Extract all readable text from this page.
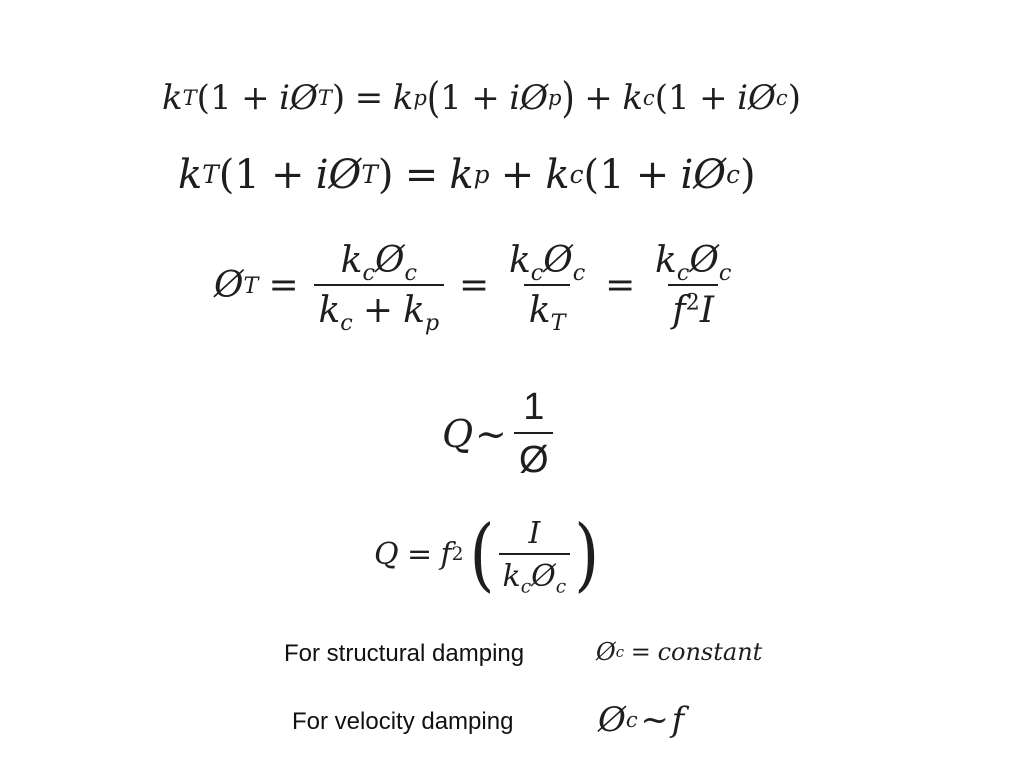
k T ( 1 + i Ø T ) = k p ( 1 + i Ø p ) + k c ( 1 + i Ø c )
k T ( 1 + i Ø T ) = k p + k c ( 1 + i Ø c )
Ø $T = \frac{k_cØ_c}{k_c + k_p} = \frac{k_cØ_c}{k_T} = \frac{k_cØ_c}{f^2I}$
Q ~ $\frac{1}{Ø}$
Q = f 2 ( $\frac{I}{k_cØ_c}$ )
For structural damping	Ø c = constant
For velocity damping Ø c ~ f
